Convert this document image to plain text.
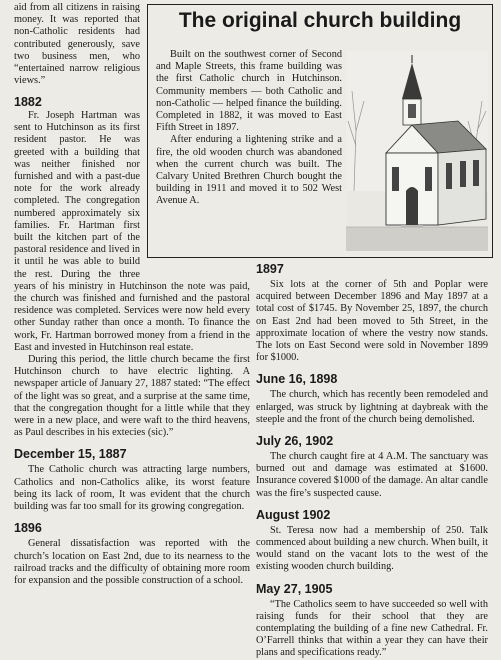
aid from all citizens in raising money. It was reported that non-Catholic residents had contributed generously, save two business men, who “entertained narrow religious views.”

1882

Fr. Joseph Hartman was sent to Hutchinson as its first resident pastor. He was greeted with a building that was neither finished nor furnished and with a past-due note for the work already completed. The congregation numbered approximately six families. Fr. Hartman first built the kitchen part of the pastoral residence and lived in it until he was able to build the rest. During the three years of his ministry in Hutchinson the note was paid, the church was finished and furnished and the pastoral residence was completed. Services were now held every other Sunday rather than once a month. To finance the work, Fr. Hartman borrowed money from a friend in the East and invested in Hutchinson real estate.

During this period, the little church became the first Hutchinson church to have electric lighting. A newspaper article of January 27, 1887 stated: “The effect of the light was so great, and a surprise at the same time, that the congregation thought for a little while that they were in a new place, and were waft to the third heavens, as Paul describes in his extecies (sic).”

December 15, 1887

The Catholic church was attracting large numbers, Catholics and non-Catholics alike, its worst feature being its lack of room, It was evident that the church building was far too small for its growing congregation.

1896

General dissatisfaction was reported with the church’s location on East 2nd, due to its nearness to the railroad tracks and the difficulty of obtaining more room for expansion and the possible construction of a school.

The original church building

Built on the southwest corner of Second and Maple Streets, this frame building was the first Catholic church in Hutchinson. Community members — both Catholic and non-Catholic — helped finance the building. Completed in 1882, it was moved to East Fifth Street in 1897.

After enduring a lightening strike and a fire, the old wooden church was abandoned when the current church was built. The Calvary United Brethren Church bought the building in 1911 and moved it to 502 West Avenue A.

1897

Six lots at the corner of 5th and Poplar were acquired between December 1896 and May 1897 at a total cost of $1745. By November 25, 1897, the church on East 2nd had been moved to 5th Street, in the approximate location of where the vestry now stands. The lots on East Second were sold in November 1899 for $1000.

June 16, 1898

The church, which has recently been remodeled and enlarged, was struck by lightning at daybreak with the steeple and the front of the church being demolished.

July 26, 1902

The church caught fire at 4 A.M. The sanctuary was burned out and damage was estimated at $1600. Insurance covered $1000 of the damage. An altar candle was the fire’s suspected cause.

August 1902

St. Teresa now had a membership of 250. Talk commenced about building a new church. When built, it would stand on the vacant lots to the west of the existing wooden church building.

May 27, 1905

“The Catholics seem to have succeeded so well with raising funds for their school that they are contemplating the building of a fine new Cathedral. Fr. O’Farrell thinks that within a year they can have their plans and specifications ready.”
